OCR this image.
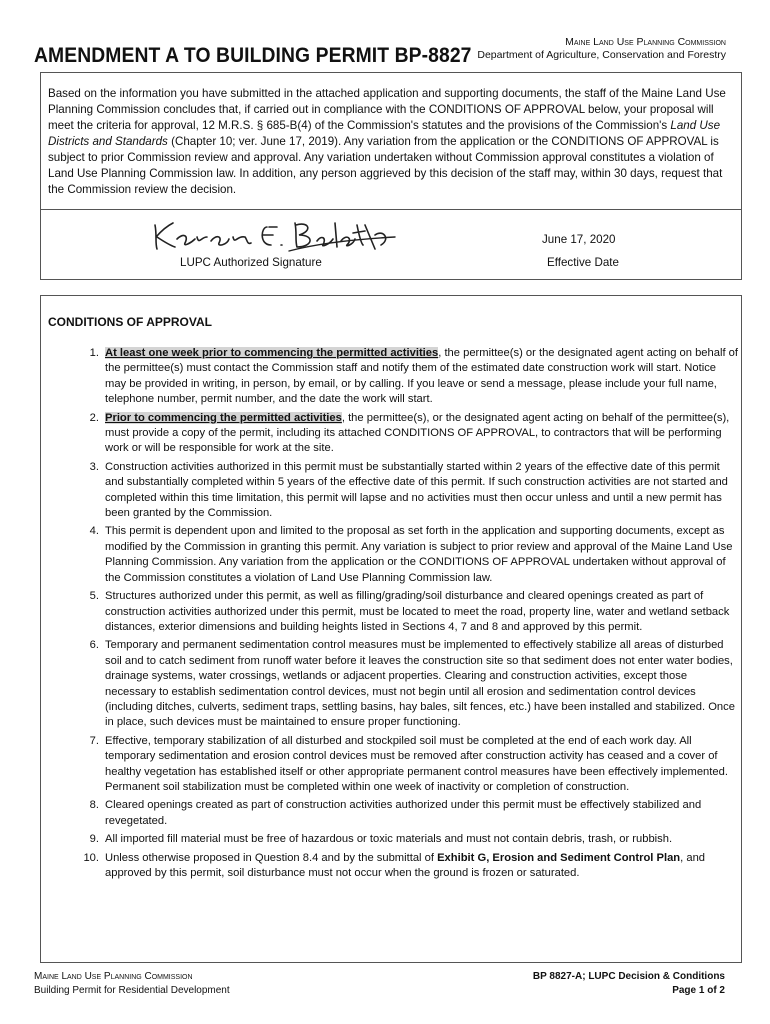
AMENDMENT A TO BUILDING PERMIT BP-8827
Maine Land Use Planning Commission
Department of Agriculture, Conservation and Forestry

Based on the information you have submitted in the attached application and supporting documents, the staff of the Maine Land Use Planning Commission concludes that, if carried out in compliance with the CONDITIONS OF APPROVAL below, your proposal will meet the criteria for approval, 12 M.R.S. § 685-B(4) of the Commission's statutes and the provisions of the Commission's Land Use Districts and Standards (Chapter 10; ver. June 17, 2019). Any variation from the application or the CONDITIONS OF APPROVAL is subject to prior Commission review and approval. Any variation undertaken without Commission approval constitutes a violation of Land Use Planning Commission law. In addition, any person aggrieved by this decision of the staff may, within 30 days, request that the Commission review the decision.

LUPC Authorized Signature
June 17, 2020
Effective Date
CONDITIONS OF APPROVAL
1. At least one week prior to commencing the permitted activities, the permittee(s) or the designated agent acting on behalf of the permittee(s) must contact the Commission staff and notify them of the estimated date construction work will start. Notice may be provided in writing, in person, by email, or by calling. If you leave or send a message, please include your full name, telephone number, permit number, and the date the work will start.
2. Prior to commencing the permitted activities, the permittee(s), or the designated agent acting on behalf of the permittee(s), must provide a copy of the permit, including its attached CONDITIONS OF APPROVAL, to contractors that will be performing work or will be responsible for work at the site.
3. Construction activities authorized in this permit must be substantially started within 2 years of the effective date of this permit and substantially completed within 5 years of the effective date of this permit. If such construction activities are not started and completed within this time limitation, this permit will lapse and no activities must then occur unless and until a new permit has been granted by the Commission.
4. This permit is dependent upon and limited to the proposal as set forth in the application and supporting documents, except as modified by the Commission in granting this permit. Any variation is subject to prior review and approval of the Maine Land Use Planning Commission. Any variation from the application or the CONDITIONS OF APPROVAL undertaken without approval of the Commission constitutes a violation of Land Use Planning Commission law.
5. Structures authorized under this permit, as well as filling/grading/soil disturbance and cleared openings created as part of construction activities authorized under this permit, must be located to meet the road, property line, water and wetland setback distances, exterior dimensions and building heights listed in Sections 4, 7 and 8 and approved by this permit.
6. Temporary and permanent sedimentation control measures must be implemented to effectively stabilize all areas of disturbed soil and to catch sediment from runoff water before it leaves the construction site so that sediment does not enter water bodies, drainage systems, water crossings, wetlands or adjacent properties. Clearing and construction activities, except those necessary to establish sedimentation control devices, must not begin until all erosion and sedimentation control devices (including ditches, culverts, sediment traps, settling basins, hay bales, silt fences, etc.) have been installed and stabilized. Once in place, such devices must be maintained to ensure proper functioning.
7. Effective, temporary stabilization of all disturbed and stockpiled soil must be completed at the end of each work day. All temporary sedimentation and erosion control devices must be removed after construction activity has ceased and a cover of healthy vegetation has established itself or other appropriate permanent control measures have been effectively implemented. Permanent soil stabilization must be completed within one week of inactivity or completion of construction.
8. Cleared openings created as part of construction activities authorized under this permit must be effectively stabilized and revegetated.
9. All imported fill material must be free of hazardous or toxic materials and must not contain debris, trash, or rubbish.
10. Unless otherwise proposed in Question 8.4 and by the submittal of Exhibit G, Erosion and Sediment Control Plan, and approved by this permit, soil disturbance must not occur when the ground is frozen or saturated.
Maine Land Use Planning Commission
Building Permit for Residential Development
BP 8827-A; LUPC Decision & Conditions
Page 1 of 2
